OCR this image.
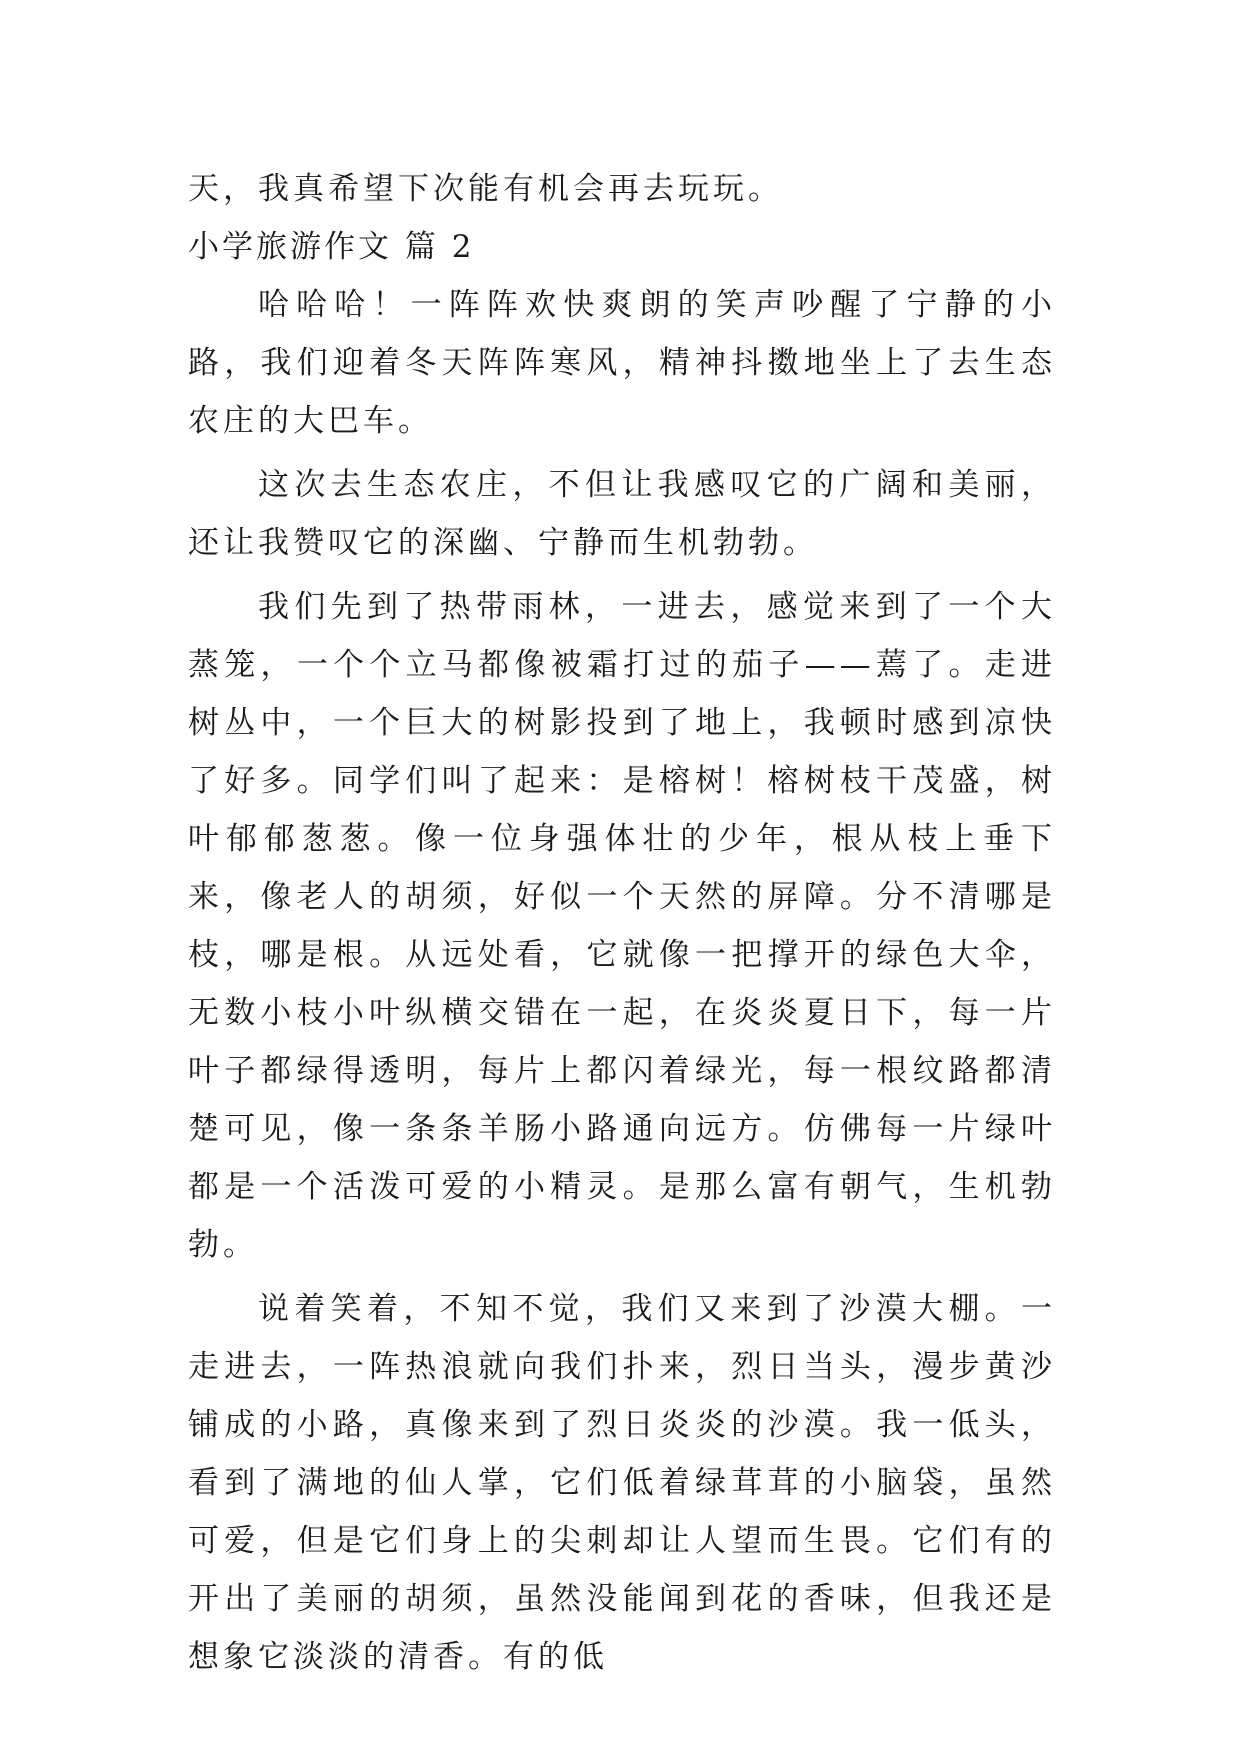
天，我真希望下次能有机会再去玩玩。

小学旅游作文 篇 2

哈哈哈！一阵阵欢快爽朗的笑声吵醒了宁静的小路，我们迎着冬天阵阵寒风，精神抖擞地坐上了去生态农庄的大巴车。

这次去生态农庄，不但让我感叹它的广阔和美丽，还让我赞叹它的深幽、宁静而生机勃勃。

我们先到了热带雨林，一进去，感觉来到了一个大蒸笼，一个个立马都像被霜打过的茄子——蔫了。走进树丛中，一个巨大的树影投到了地上，我顿时感到凉快了好多。同学们叫了起来：是榕树！榕树枝干茂盛，树叶郁郁葱葱。像一位身强体壮的少年，根从枝上垂下来，像老人的胡须，好似一个天然的屏障。分不清哪是枝，哪是根。从远处看，它就像一把撑开的绿色大伞，无数小枝小叶纵横交错在一起，在炎炎夏日下，每一片叶子都绿得透明，每片上都闪着绿光，每一根纹路都清楚可见，像一条条羊肠小路通向远方。仿佛每一片绿叶都是一个活泼可爱的小精灵。是那么富有朝气，生机勃勃。

说着笑着，不知不觉，我们又来到了沙漠大棚。一走进去，一阵热浪就向我们扑来，烈日当头，漫步黄沙铺成的小路，真像来到了烈日炎炎的沙漠。我一低头，看到了满地的仙人掌，它们低着绿茸茸的小脑袋，虽然可爱，但是它们身上的尖刺却让人望而生畏。它们有的开出了美丽的胡须，虽然没能闻到花的香味，但我还是想象它淡淡的清香。有的低
